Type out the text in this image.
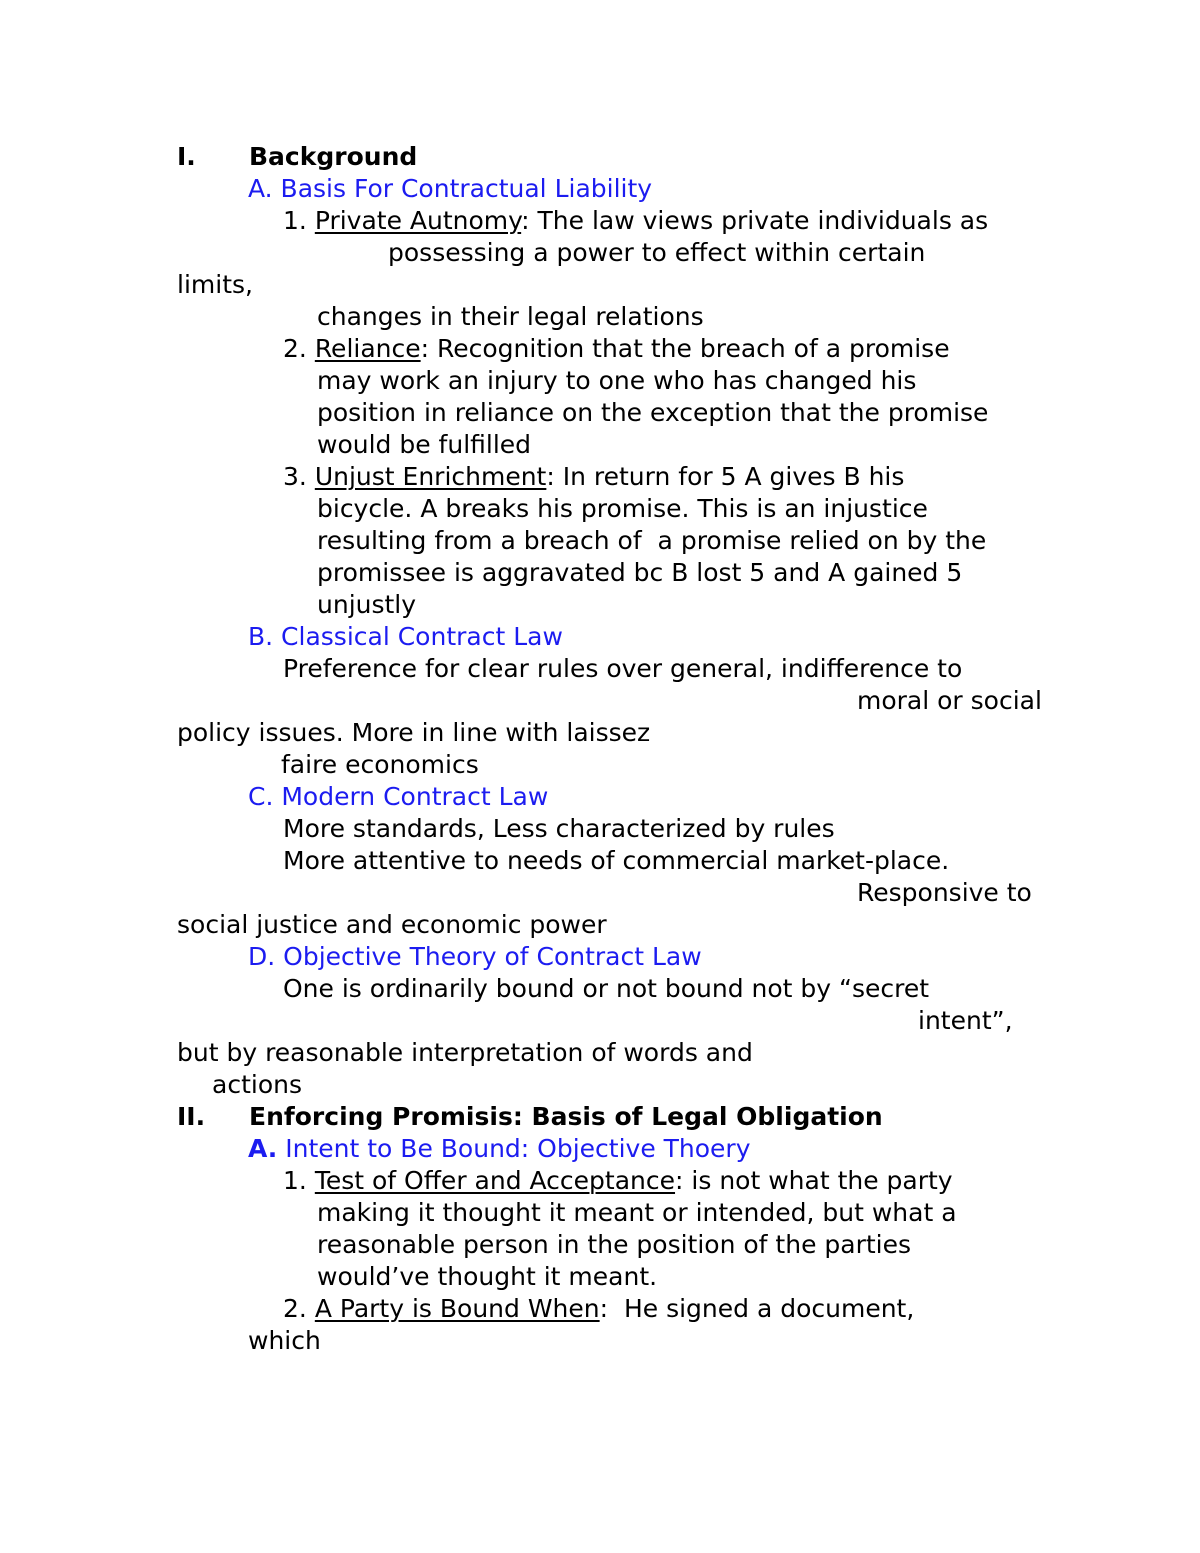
I. Background
A. Basis For Contractual Liability
1. Private Autnomy: The law views private individuals as
possessing a power to effect within certain
limits,
changes in their legal relations
2. Reliance: Recognition that the breach of a promise
may work an injury to one who has changed his
position in reliance on the exception that the promise
would be fulfilled
3. Unjust Enrichment: In return for 5 A gives B his
bicycle. A breaks his promise. This is an injustice
resulting from a breach of  a promise relied on by the
promissee is aggravated bc B lost 5 and A gained 5
unjustly
B. Classical Contract Law
Preference for clear rules over general, indifference to
moral or social
policy issues. More in line with laissez
faire economics
C. Modern Contract Law
More standards, Less characterized by rules
More attentive to needs of commercial market-place.
Responsive to
social justice and economic power
D. Objective Theory of Contract Law
One is ordinarily bound or not bound not by “secret
intent”,
but by reasonable interpretation of words and
actions
II. Enforcing Promisis: Basis of Legal Obligation
A. Intent to Be Bound: Objective Thoery
1. Test of Offer and Acceptance: is not what the party
making it thought it meant or intended, but what a
reasonable person in the position of the parties
would’ve thought it meant.
2. A Party is Bound When:  He signed a document,
which
